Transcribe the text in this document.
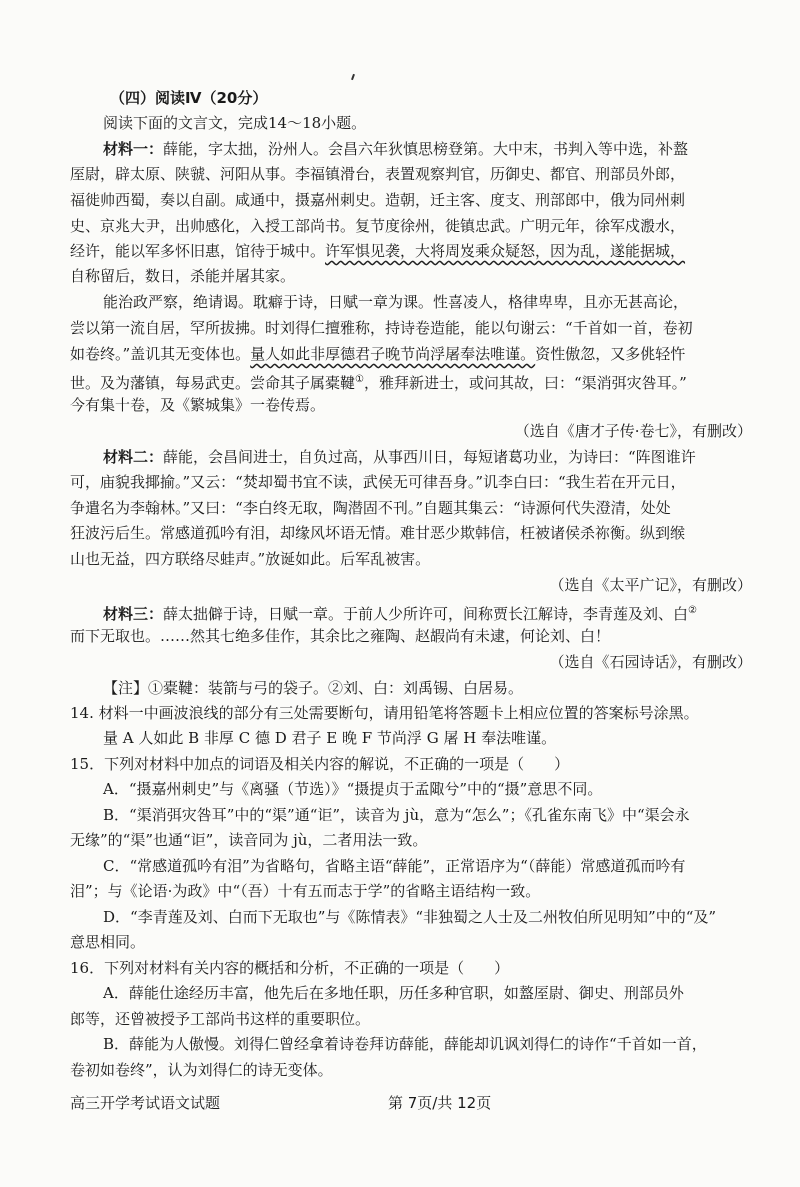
（四）阅读Ⅳ（20分）
阅读下面的文言文，完成14～18小题。
材料一：薛能，字太拙，汾州人。会昌六年狄慎思榜登第。大中末，书判入等中选，补盩
厔尉，辟太原、陕虢、河阳从事。李福镇滑台，表置观察判官，历御史、都官、刑部员外郎，
福徙帅西蜀，奏以自副。咸通中，摄嘉州刺史。造朝，迁主客、度支、刑部郎中，俄为同州刺
史、京兆大尹，出帅感化，入授工部尚书。复节度徐州，徙镇忠武。广明元年，徐军戍溵水，
经许，能以军多怀旧惠，馆待于城中。许军惧见袭，大将周岌乘众疑怒，因为乱，遂能据城，
自称留后，数日，杀能并屠其家。
能治政严察，绝请谒。耽癖于诗，日赋一章为课。性喜凌人，格律卑卑，且亦无甚高论，
尝以第一流自居，罕所拔拂。时刘得仁擅雅称，持诗卷造能，能以句谢云：“千首如一首，卷初
如卷终。”盖讥其无变体也。量人如此非厚德君子晚节尚浮屠奉法唯谨。资性傲忽，又多佻轻忤
世。及为藩镇，每易武吏。尝命其子属橐鞬①，雅拜新进士，或问其故，曰：“渠消弭灾咎耳。”
今有集十卷，及《繁城集》一卷传焉。
（选自《唐才子传·卷七》，有删改）
材料二：薛能，会昌间进士，自负过高，从事西川日，每短诸葛功业，为诗曰：“阵图谁许
可，庙貌我揶揄。”又云：“焚却蜀书宜不读，武侯无可律吾身。”讥李白曰：“我生若在开元日，
争遣名为李翰林。”又曰：“李白终无取，陶潜固不刊。”自题其集云：“诗源何代失澄清，处处
狂波污后生。常感道孤吟有泪，却缘风坏语无情。难甘恶少欺韩信，枉被诸侯杀祢衡。纵到缑
山也无益，四方联络尽蛙声。”放诞如此。后军乱被害。
（选自《太平广记》，有删改）
材料三：薛太拙僻于诗，日赋一章。于前人少所许可，间称贾长江解诗，李青莲及刘、白②
而下无取也。……然其七绝多佳作，其余比之雍陶、赵嘏尚有未逮，何论刘、白！
（选自《石园诗话》，有删改）
【注】①橐鞬：装箭与弓的袋子。②刘、白：刘禹锡、白居易。
14. 材料一中画波浪线的部分有三处需要断句，请用铅笔将答题卡上相应位置的答案标号涂黑。
量 A 人如此 B 非厚 C 德 D 君子 E 晚 F 节尚浮 G 屠 H 奉法唯谨。
15．下列对材料中加点的词语及相关内容的解说，不正确的一项是（　　）
A．“摄嘉州刺史”与《离骚（节选）》“摄提贞于孟陬兮”中的“摄”意思不同。
B．“渠消弭灾咎耳”中的“渠”通“讵”，读音为 jù，意为“怎么”；《孔雀东南飞》中“渠会永
无缘”的“渠”也通“讵”，读音同为 jù，二者用法一致。
C．“常感道孤吟有泪”为省略句，省略主语“薛能”，正常语序为“（薛能）常感道孤而吟有
泪”；与《论语·为政》中“（吾）十有五而志于学”的省略主语结构一致。
D．“李青莲及刘、白而下无取也”与《陈情表》“非独蜀之人士及二州牧伯所见明知”中的“及”
意思相同。
16．下列对材料有关内容的概括和分析，不正确的一项是（　　）
A．薛能仕途经历丰富，他先后在多地任职，历任多种官职，如盩厔尉、御史、刑部员外
郎等，还曾被授予工部尚书这样的重要职位。
B．薛能为人傲慢。刘得仁曾经拿着诗卷拜访薛能，薛能却讥讽刘得仁的诗作“千首如一首，
卷初如卷终”，认为刘得仁的诗无变体。
高三开学考试语文试题	第 7页/共 12页
